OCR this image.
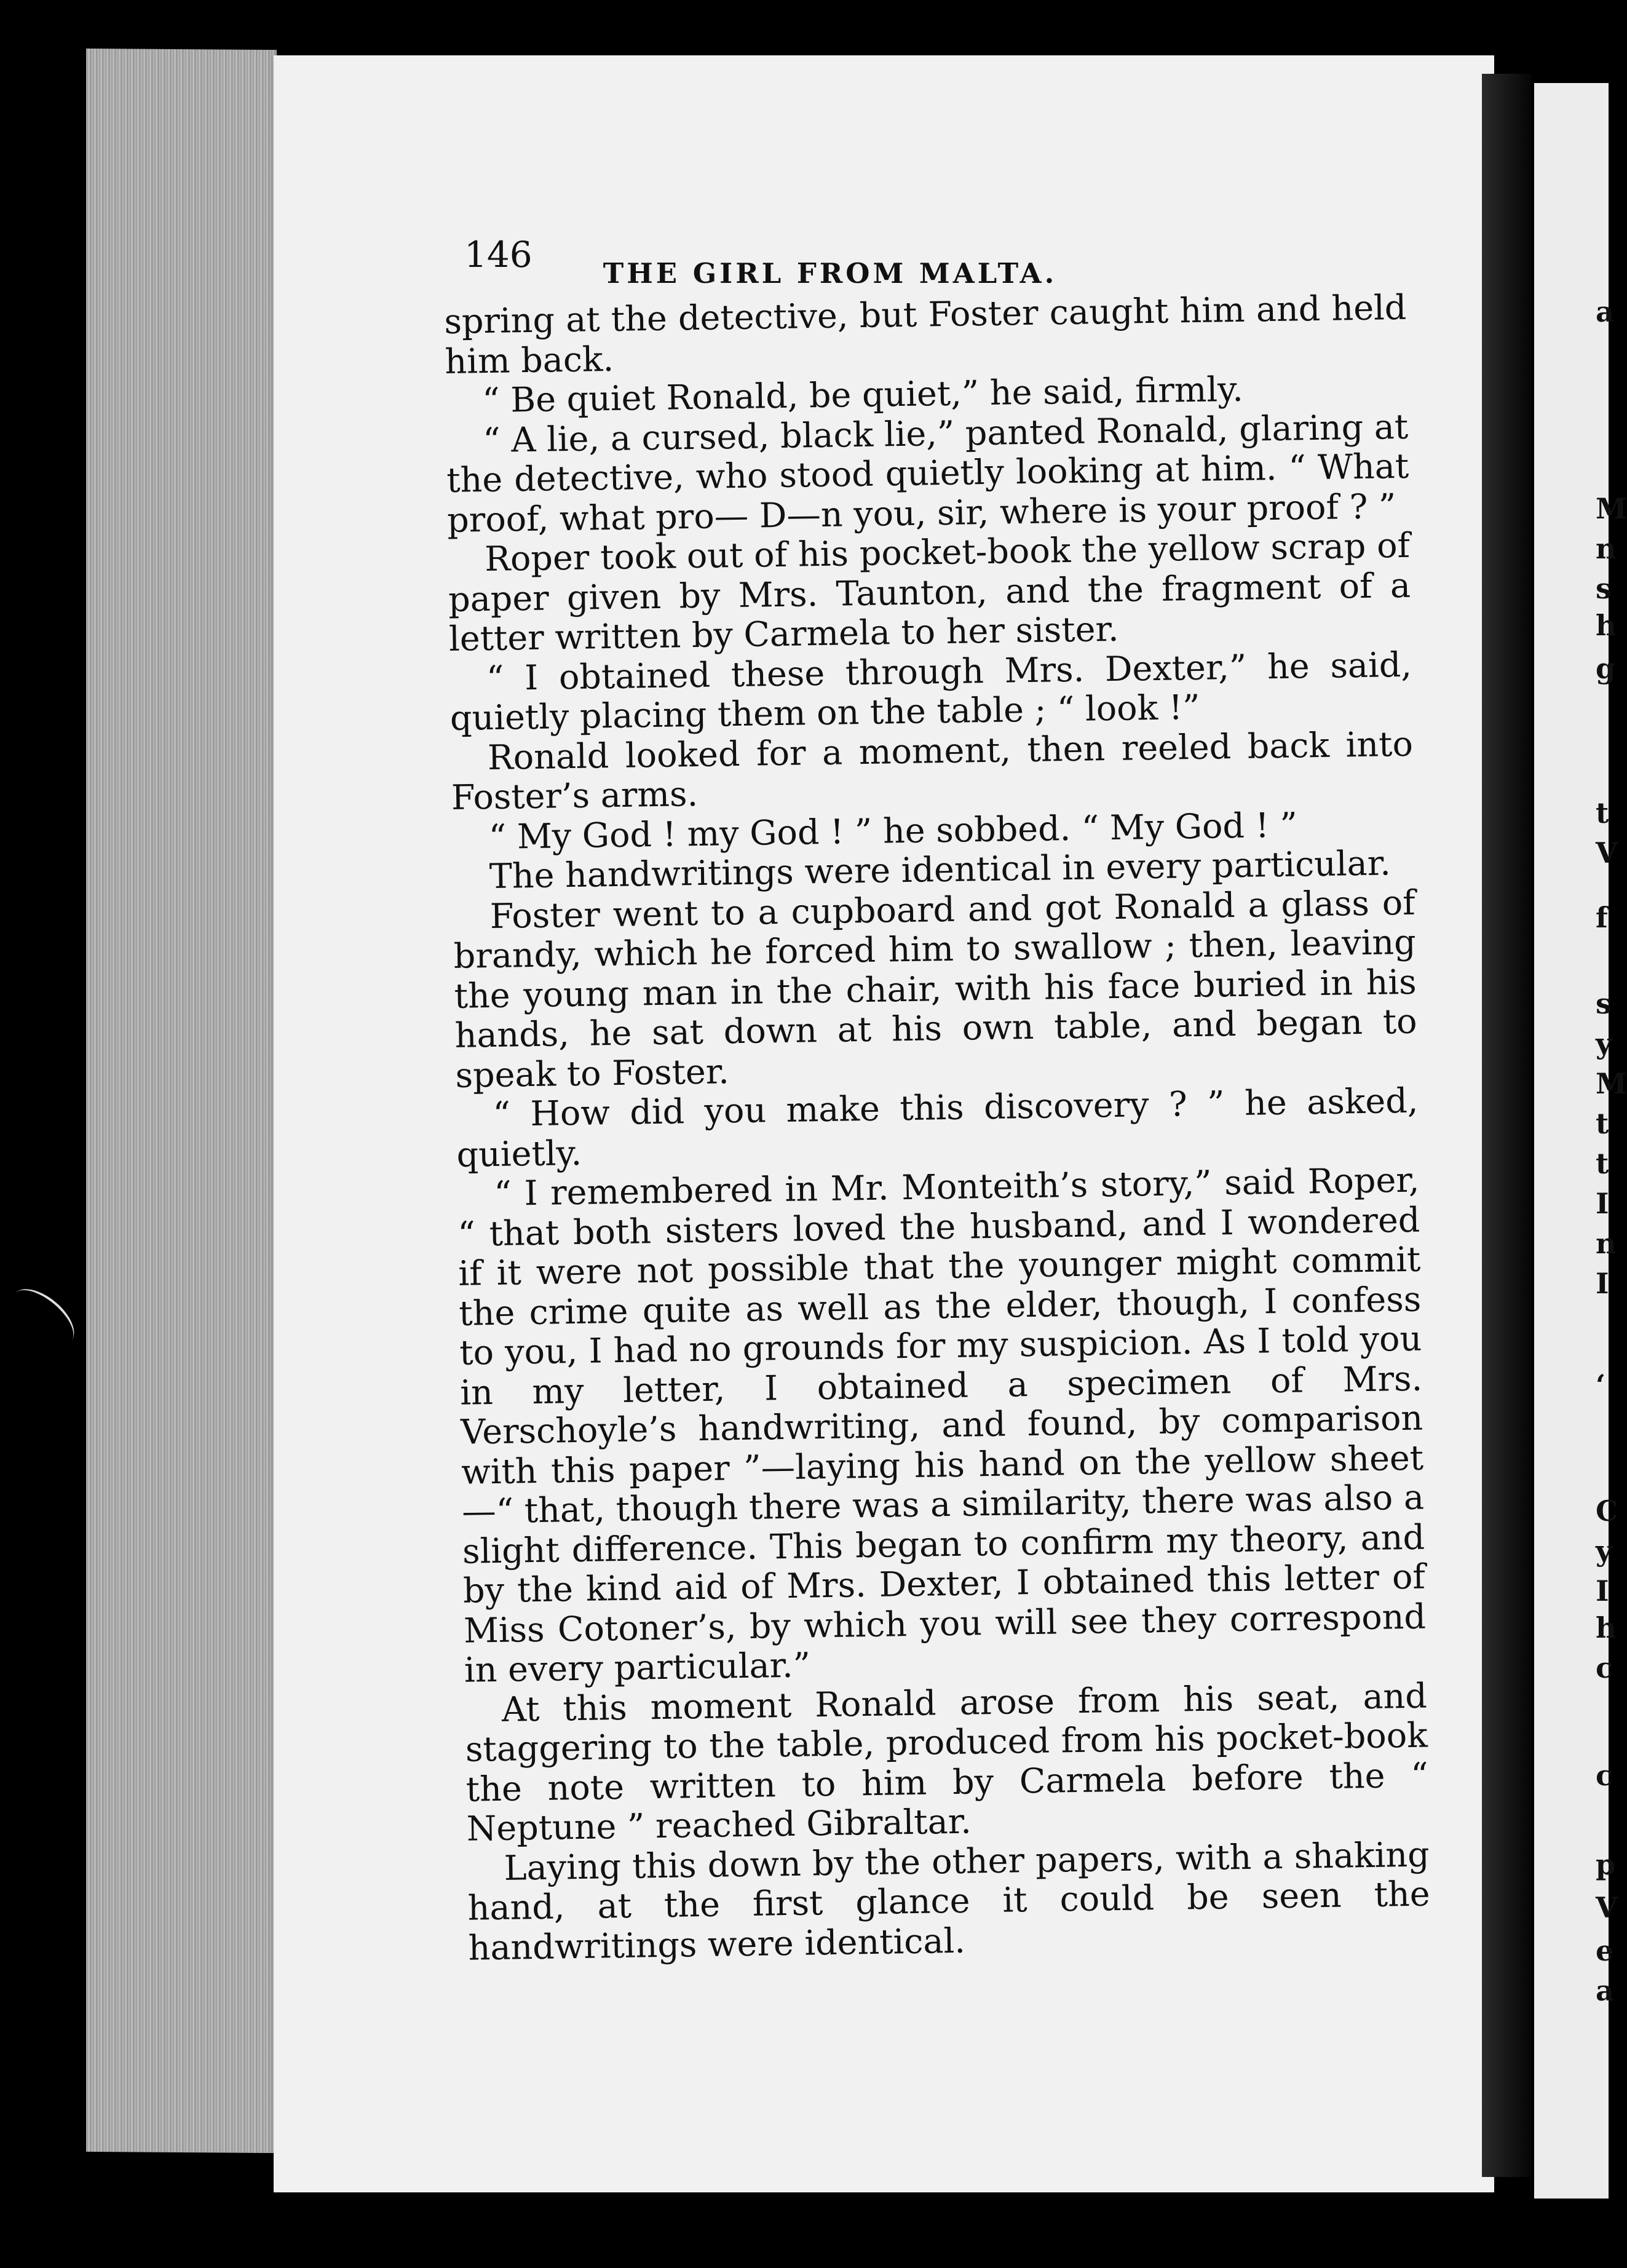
a
M
n
s
h
g
t
V
f
s
y
M
t
t
I
n
I
‘
C
y
I
h
c
c
p
V
e
a
146	THE GIRL FROM MALTA.

spring at the detective, but Foster caught him and held him back.

“ Be quiet Ronald, be quiet,” he said, firmly.

“ A lie, a cursed, black lie,” panted Ronald, glaring at the detective, who stood quietly looking at him. “ What proof, what pro— D—n you, sir, where is your proof ? ”

Roper took out of his pocket-book the yellow scrap of paper given by Mrs. Taunton, and the fragment of a letter written by Carmela to her sister.

“ I obtained these through Mrs. Dexter,” he said, quietly placing them on the table ; “ look !”

Ronald looked for a moment, then reeled back into Foster’s arms.

“ My God ! my God ! ” he sobbed. “ My God ! ”

The handwritings were identical in every particular.

Foster went to a cupboard and got Ronald a glass of brandy, which he forced him to swallow ; then, leaving the young man in the chair, with his face buried in his hands, he sat down at his own table, and began to speak to Foster.

“ How did you make this discovery ? ” he asked, quietly.

“ I remembered in Mr. Monteith’s story,” said Roper, “ that both sisters loved the husband, and I wondered if it were not possible that the younger might commit the crime quite as well as the elder, though, I confess to you, I had no grounds for my suspicion. As I told you in my letter, I obtained a specimen of Mrs. Verschoyle’s handwriting, and found, by comparison with this paper ”—laying his hand on the yellow sheet —“ that, though there was a similarity, there was also a slight difference. This began to confirm my theory, and by the kind aid of Mrs. Dexter, I obtained this letter of Miss Cotoner’s, by which you will see they correspond in every particular.”

At this moment Ronald arose from his seat, and staggering to the table, produced from his pocket-book the note written to him by Carmela before the “ Neptune ” reached Gibraltar.

Laying this down by the other papers, with a shaking hand, at the first glance it could be seen the handwritings were identical.
